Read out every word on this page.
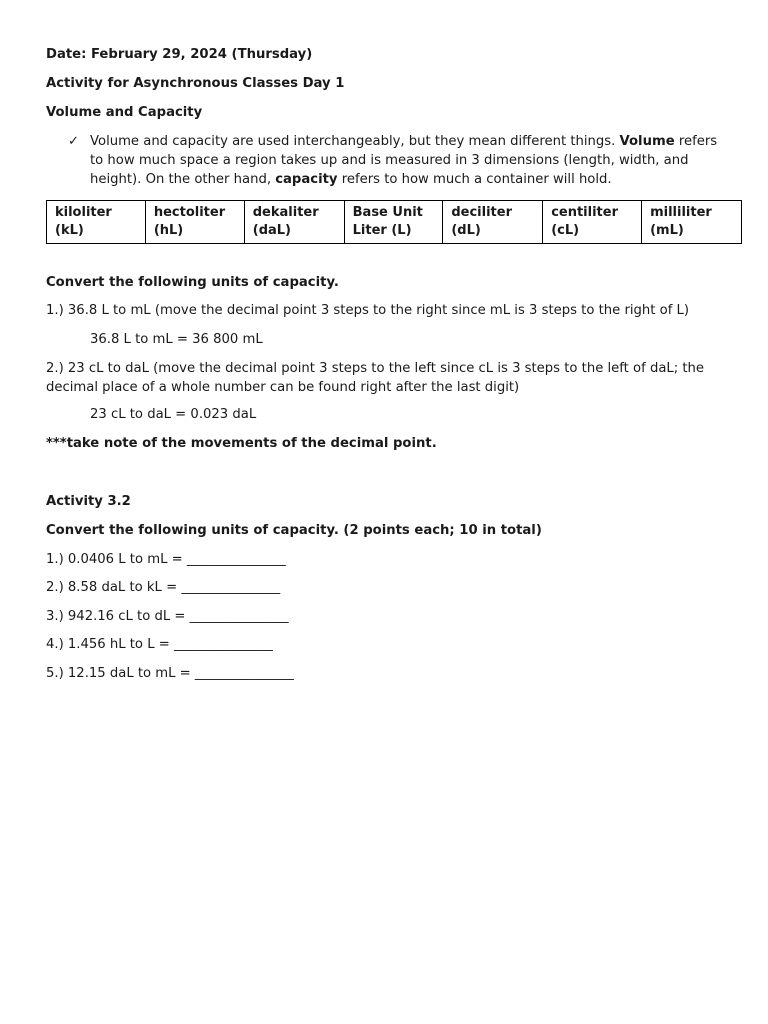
Date: February 29, 2024 (Thursday)
Activity for Asynchronous Classes Day 1
Volume and Capacity
✓ Volume and capacity are used interchangeably, but they mean different things. Volume refers to how much space a region takes up and is measured in 3 dimensions (length, width, and height). On the other hand, capacity refers to how much a container will hold.
kiloliter (kL)	hectoliter (hL)	dekaliter (daL)	Base Unit Liter (L)	deciliter (dL)	centiliter (cL)	milliliter (mL)
Convert the following units of capacity.
1.) 36.8 L to mL (move the decimal point 3 steps to the right since mL is 3 steps to the right of L)
36.8 L to mL = 36 800 mL
2.) 23 cL to daL (move the decimal point 3 steps to the left since cL is 3 steps to the left of daL; the decimal place of a whole number can be found right after the last digit)
23 cL to daL = 0.023 daL
***take note of the movements of the decimal point.
Activity 3.2
Convert the following units of capacity. (2 points each; 10 in total)
1.) 0.0406 L to mL = _______________
2.) 8.58 daL to kL = _______________
3.) 942.16 cL to dL = _______________
4.) 1.456 hL to L = _______________
5.) 12.15 daL to mL = _______________
